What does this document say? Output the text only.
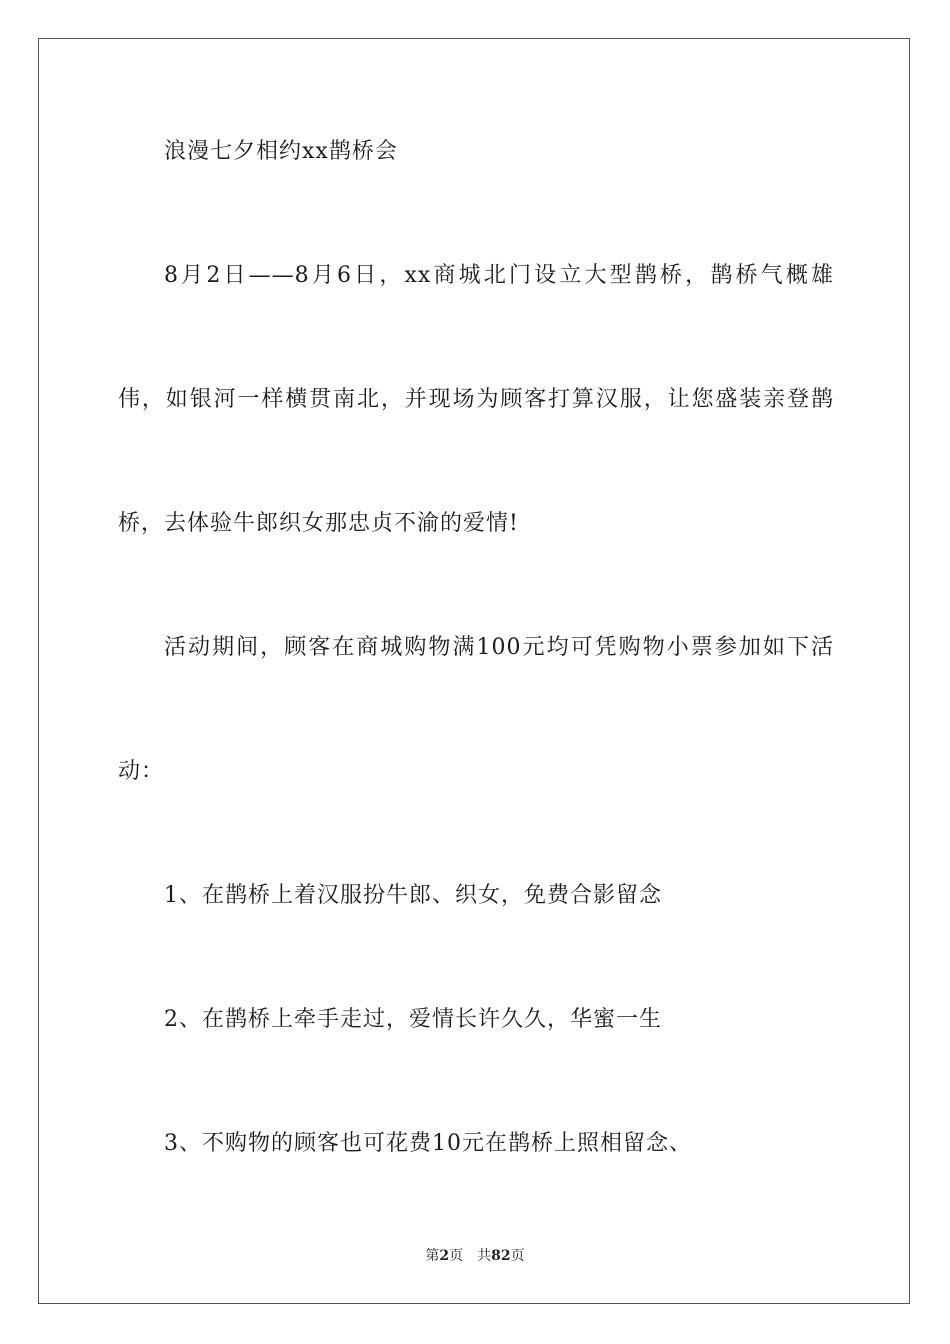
浪漫七夕相约xx鹊桥会
8月2日——8月6日，xx商城北门设立大型鹊桥，鹊桥气概雄
伟，如银河一样横贯南北，并现场为顾客打算汉服，让您盛装亲登鹊
桥，去体验牛郎织女那忠贞不渝的爱情!
活动期间，顾客在商城购物满100元均可凭购物小票参加如下活
动：
1、在鹊桥上着汉服扮牛郎、织女，免费合影留念
2、在鹊桥上牵手走过，爱情长许久久，华蜜一生
3、不购物的顾客也可花费10元在鹊桥上照相留念、
第2页 共82页
